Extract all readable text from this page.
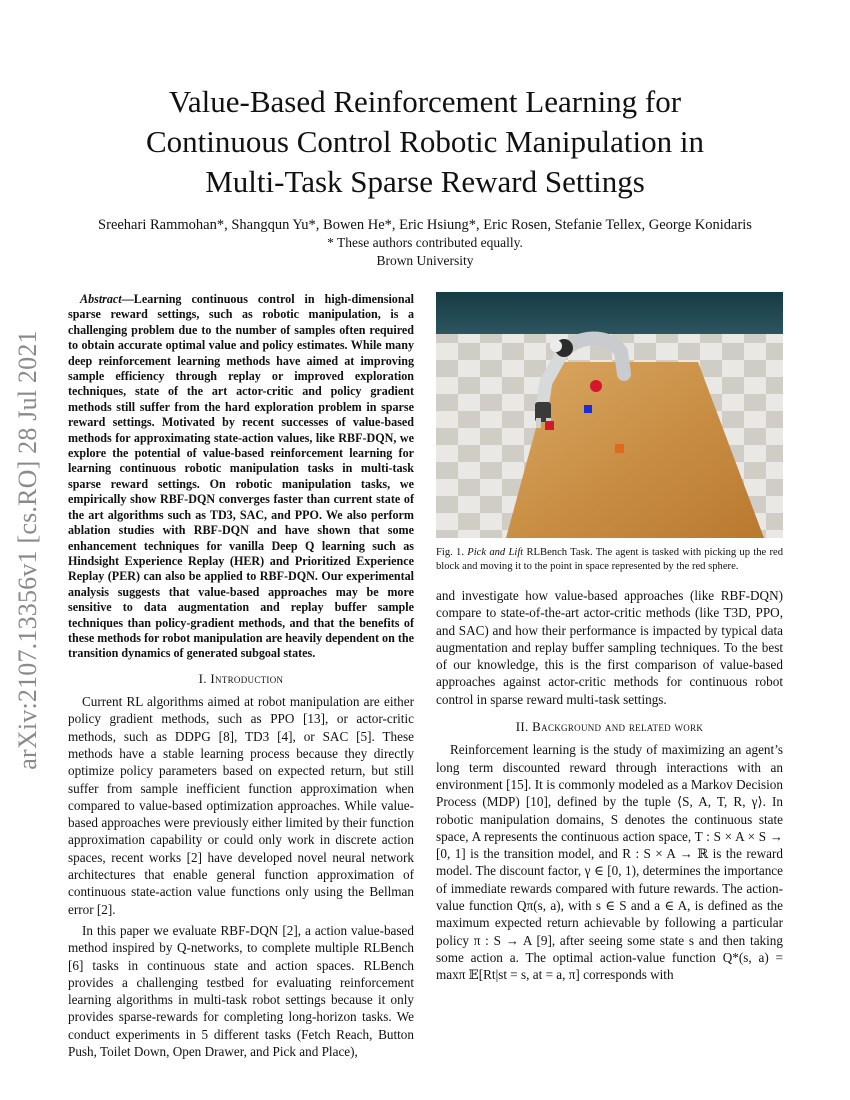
arXiv:2107.13356v1 [cs.RO] 28 Jul 2021
Value-Based Reinforcement Learning for
Continuous Control Robotic Manipulation in
Multi-Task Sparse Reward Settings
Sreehari Rammohan*, Shangqun Yu*, Bowen He*, Eric Hsiung*, Eric Rosen, Stefanie Tellex, George Konidaris
* These authors contributed equally.
Brown University

Abstract—Learning continuous control in high-dimensional sparse reward settings, such as robotic manipulation, is a challenging problem due to the number of samples often required to obtain accurate optimal value and policy estimates. While many deep reinforcement learning methods have aimed at improving sample efficiency through replay or improved exploration techniques, state of the art actor-critic and policy gradient methods still suffer from the hard exploration problem in sparse reward settings. Motivated by recent successes of value-based methods for approximating state-action values, like RBF-DQN, we explore the potential of value-based reinforcement learning for learning continuous robotic manipulation tasks in multi-task sparse reward settings. On robotic manipulation tasks, we empirically show RBF-DQN converges faster than current state of the art algorithms such as TD3, SAC, and PPO. We also perform ablation studies with RBF-DQN and have shown that some enhancement techniques for vanilla Deep Q learning such as Hindsight Experience Replay (HER) and Prioritized Experience Replay (PER) can also be applied to RBF-DQN. Our experimental analysis suggests that value-based approaches may be more sensitive to data augmentation and replay buffer sample techniques than policy-gradient methods, and that the benefits of these methods for robot manipulation are heavily dependent on the transition dynamics of generated subgoal states.

I. Introduction

Current RL algorithms aimed at robot manipulation are either policy gradient methods, such as PPO [13], or actor-critic methods, such as DDPG [8], TD3 [4], or SAC [5]. These methods have a stable learning process because they directly optimize policy parameters based on expected return, but still suffer from sample inefficient function approximation when compared to value-based optimization approaches. While value-based approaches were previously either limited by their function approximation capability or could only work in discrete action spaces, recent works [2] have developed novel neural network architectures that enable general function approximation of continuous state-action value functions only using the Bellman error [2].

In this paper we evaluate RBF-DQN [2], a action value-based method inspired by Q-networks, to complete multiple RLBench [6] tasks in continuous state and action spaces. RLBench provides a challenging testbed for evaluating reinforcement learning algorithms in multi-task robot settings because it only provides sparse-rewards for completing long-horizon tasks. We conduct experiments in 5 different tasks (Fetch Reach, Button Push, Toilet Down, Open Drawer, and Pick and Place),

Fig. 1. Pick and Lift RLBench Task. The agent is tasked with picking up the red block and moving it to the point in space represented by the red sphere.

and investigate how value-based approaches (like RBF-DQN) compare to state-of-the-art actor-critic methods (like T3D, PPO, and SAC) and how their performance is impacted by typical data augmentation and replay buffer sampling techniques. To the best of our knowledge, this is the first comparison of value-based approaches against actor-critic methods for continuous robot control in sparse reward multi-task settings.

II. Background and related work

Reinforcement learning is the study of maximizing an agent’s long term discounted reward through interactions with an environment [15]. It is commonly modeled as a Markov Decision Process (MDP) [10], defined by the tuple ⟨S, A, T, R, γ⟩. In robotic manipulation domains, S denotes the continuous state space, A represents the continuous action space, T : S × A × S → [0, 1] is the transition model, and R : S × A → ℝ is the reward model. The discount factor, γ ∈ [0, 1), determines the importance of immediate rewards compared with future rewards. The action-value function Qπ(s, a), with s ∈ S and a ∈ A, is defined as the maximum expected return achievable by following a particular policy π : S → A [9], after seeing some state s and then taking some action a. The optimal action-value function Q*(s, a) = maxπ 𝔼[Rt|st = s, at = a, π] corresponds with
